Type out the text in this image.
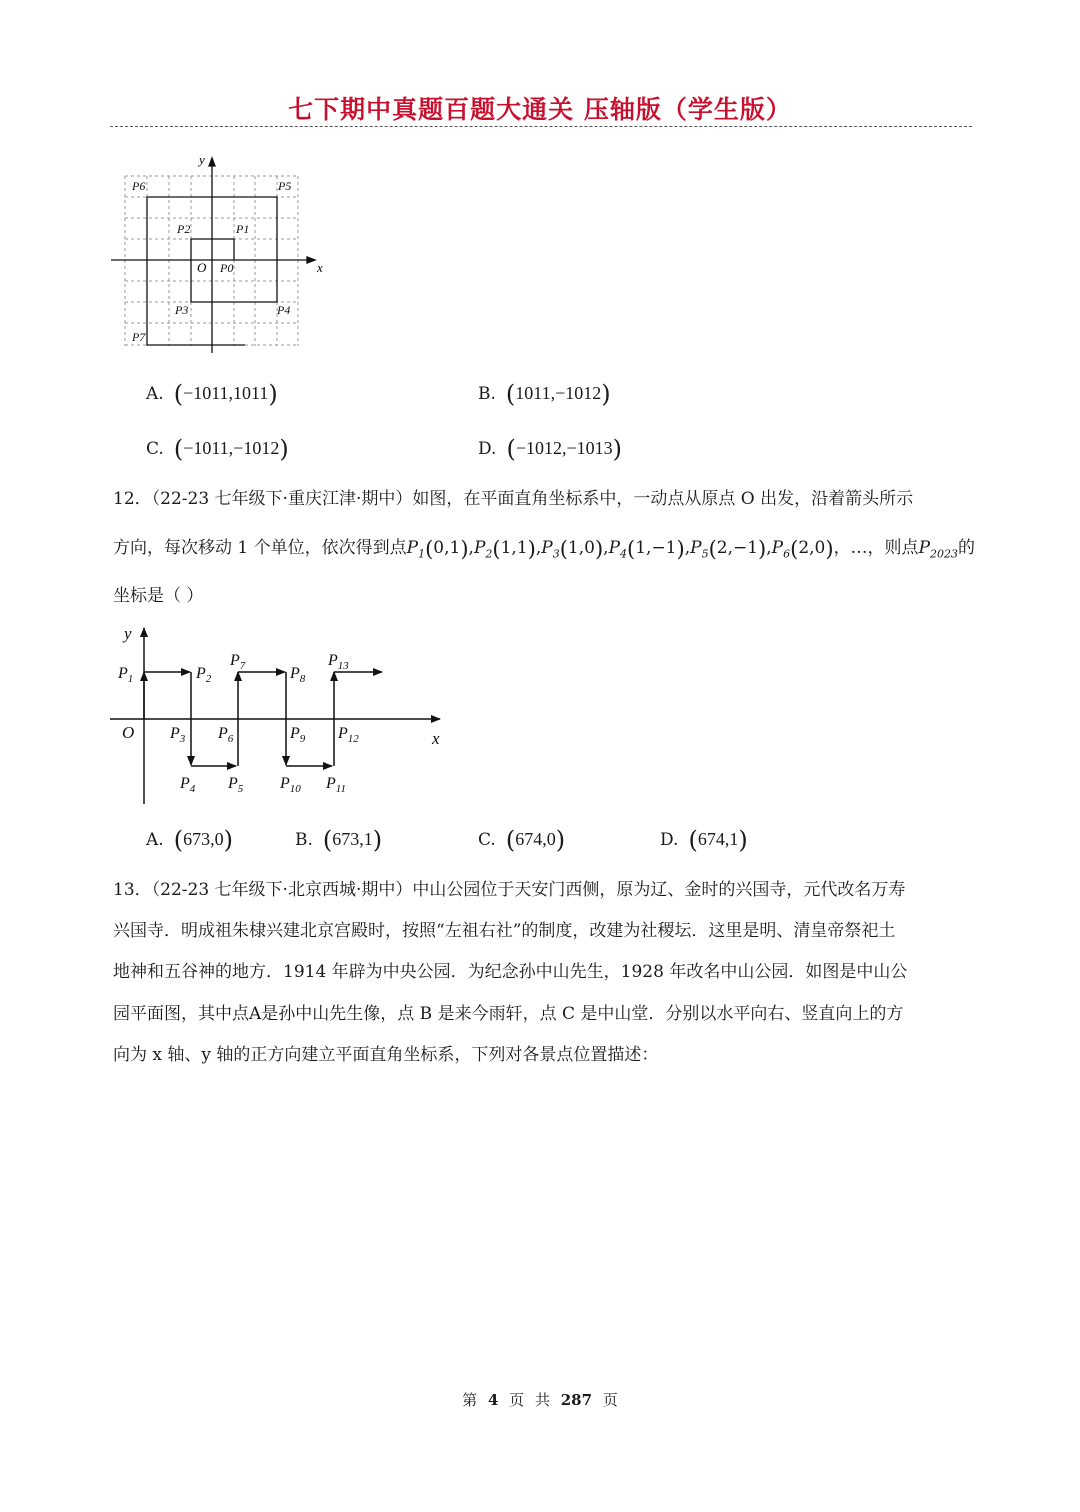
七下期中真题百题大通关 压轴版（学生版）
x
y
O P0
P1
P2
P3	P4
P5
P6
P7
A. (−1011,1011)	B. (1011,−1012)
C. (−1011,−1012)	D. (−1012,−1013)
12．（22-23 七年级下·重庆江津·期中）如图，在平面直角坐标系中，一动点从原点 O 出发，沿着箭头所示
方向，每次移动 1 个单位，依次得到点$P_1(0,1),P_2(1,1),P_3(1,0),P_4(1,-1),P_5(2,-1),P_6(2,0)$，…，则点$P_{2023}$的
坐标是（ ）
x
y
O
$P_1$	$P_2$
$P_3$
$P_4$ $P_5$
$P_6$
$P_7$	$P_8$
$P_9$
$P_{10}$ $P_{11}$
$P_{12}$
$P_{13}$
A. (673,0)	B. (673,1)	C. (674,0)	D. (674,1)
13．（22-23 七年级下·北京西城·期中）中山公园位于天安门西侧，原为辽、金时的兴国寺，元代改名万寿
兴国寺．明成祖朱棣兴建北京宫殿时，按照“左祖右社”的制度，改建为社稷坛．这里是明、清皇帝祭祀土
地神和五谷神的地方．1914 年辟为中央公园．为纪念孙中山先生，1928 年改名中山公园．如图是中山公
园平面图，其中点A是孙中山先生像，点 B 是来今雨轩，点 C 是中山堂．分别以水平向右、竖直向上的方
向为 x 轴、y 轴的正方向建立平面直角坐标系，下列对各景点位置描述：
第 4 页 共 287 页
